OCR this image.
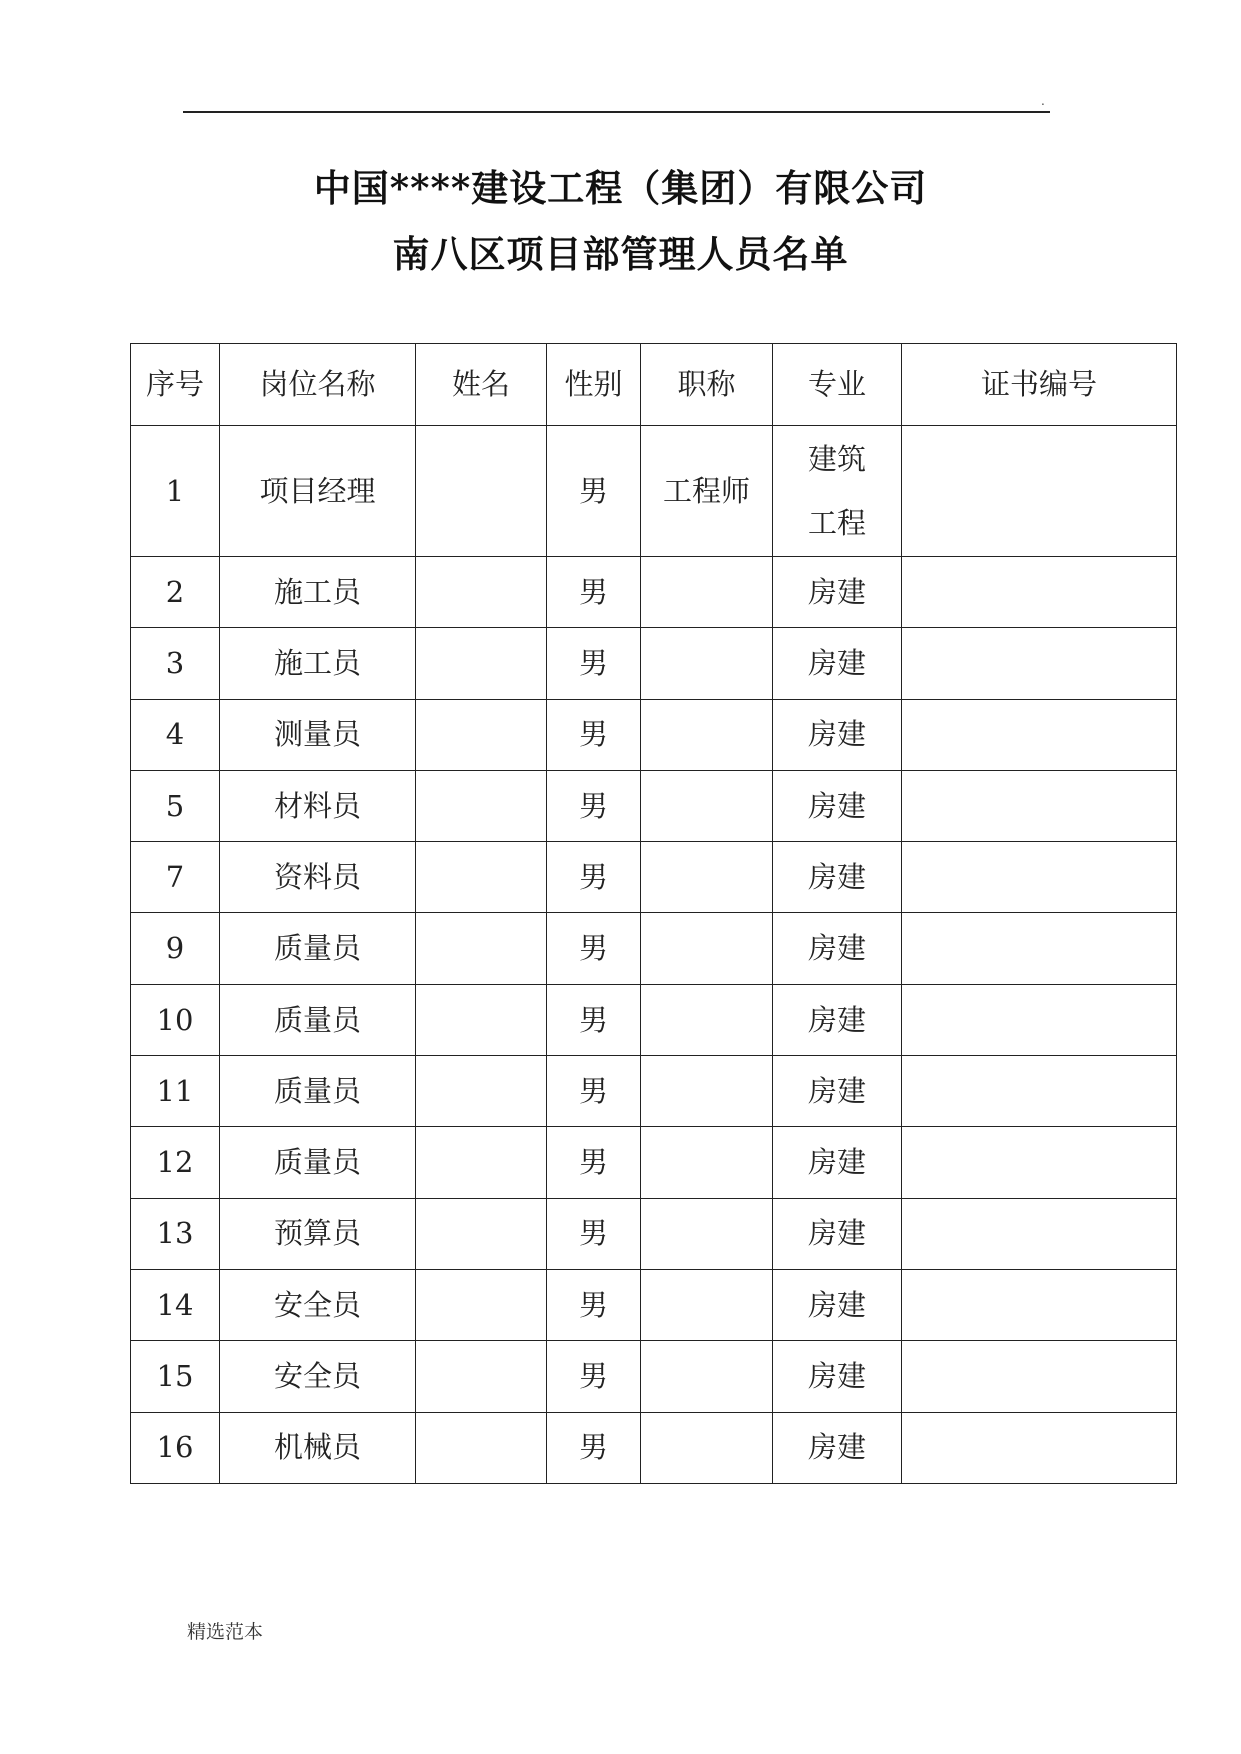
.
中国****建设工程（集团）有限公司
南八区项目部管理人员名单
序号	岗位名称	姓名	性别	职称	专业	证书编号
1	项目经理		男	工程师	建筑
工程	
2	施工员		男		房建	
3	施工员		男		房建	
4	测量员		男		房建	
5	材料员		男		房建	
7	资料员		男		房建	
9	质量员		男		房建	
10	质量员		男		房建	
11	质量员		男		房建	
12	质量员		男		房建	
13	预算员		男		房建	
14	安全员		男		房建	
15	安全员		男		房建	
16	机械员		男		房建	
精选范本
